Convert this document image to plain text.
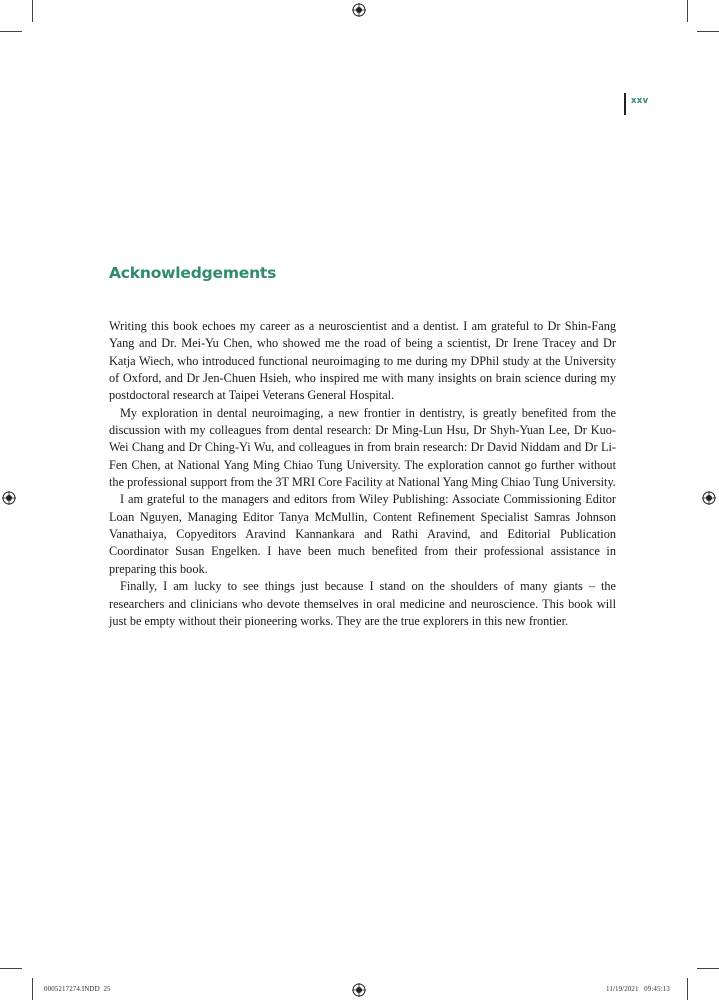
xxv
Acknowledgements

Writing this book echoes my career as a neuroscientist and a dentist. I am grateful to Dr Shin-Fang Yang and Dr. Mei-Yu Chen, who showed me the road of being a scientist, Dr Irene Tracey and Dr Katja Wiech, who introduced functional neuroimaging to me during my DPhil study at the University of Oxford, and Dr Jen-Chuen Hsieh, who inspired me with many insights on brain science during my postdoctoral research at Taipei Veterans General Hospital.

My exploration in dental neuroimaging, a new frontier in dentistry, is greatly benefited from the discussion with my colleagues from dental research: Dr Ming-Lun Hsu, Dr Shyh-Yuan Lee, Dr Kuo-Wei Chang and Dr Ching-Yi Wu, and colleagues in from brain research: Dr David Niddam and Dr Li-Fen Chen, at National Yang Ming Chiao Tung University. The exploration cannot go further without the professional support from the 3T MRI Core Facility at National Yang Ming Chiao Tung University.

I am grateful to the managers and editors from Wiley Publishing: Associate Commissioning Editor Loan Nguyen, Managing Editor Tanya McMullin, Content Refinement Specialist Samras Johnson Vanathaiya, Copyeditors Aravind Kannankara and Rathi Aravind, and Editorial Publication Coordinator Susan Engelken. I have been much benefited from their professional assistance in preparing this book.

Finally, I am lucky to see things just because I stand on the shoulders of many giants – the researchers and clinicians who devote themselves in oral medicine and neuroscience. This book will just be empty without their pioneering works. They are the true explorers in this new frontier.

0005217274.INDD  25	11/19/2021   09:45:13
